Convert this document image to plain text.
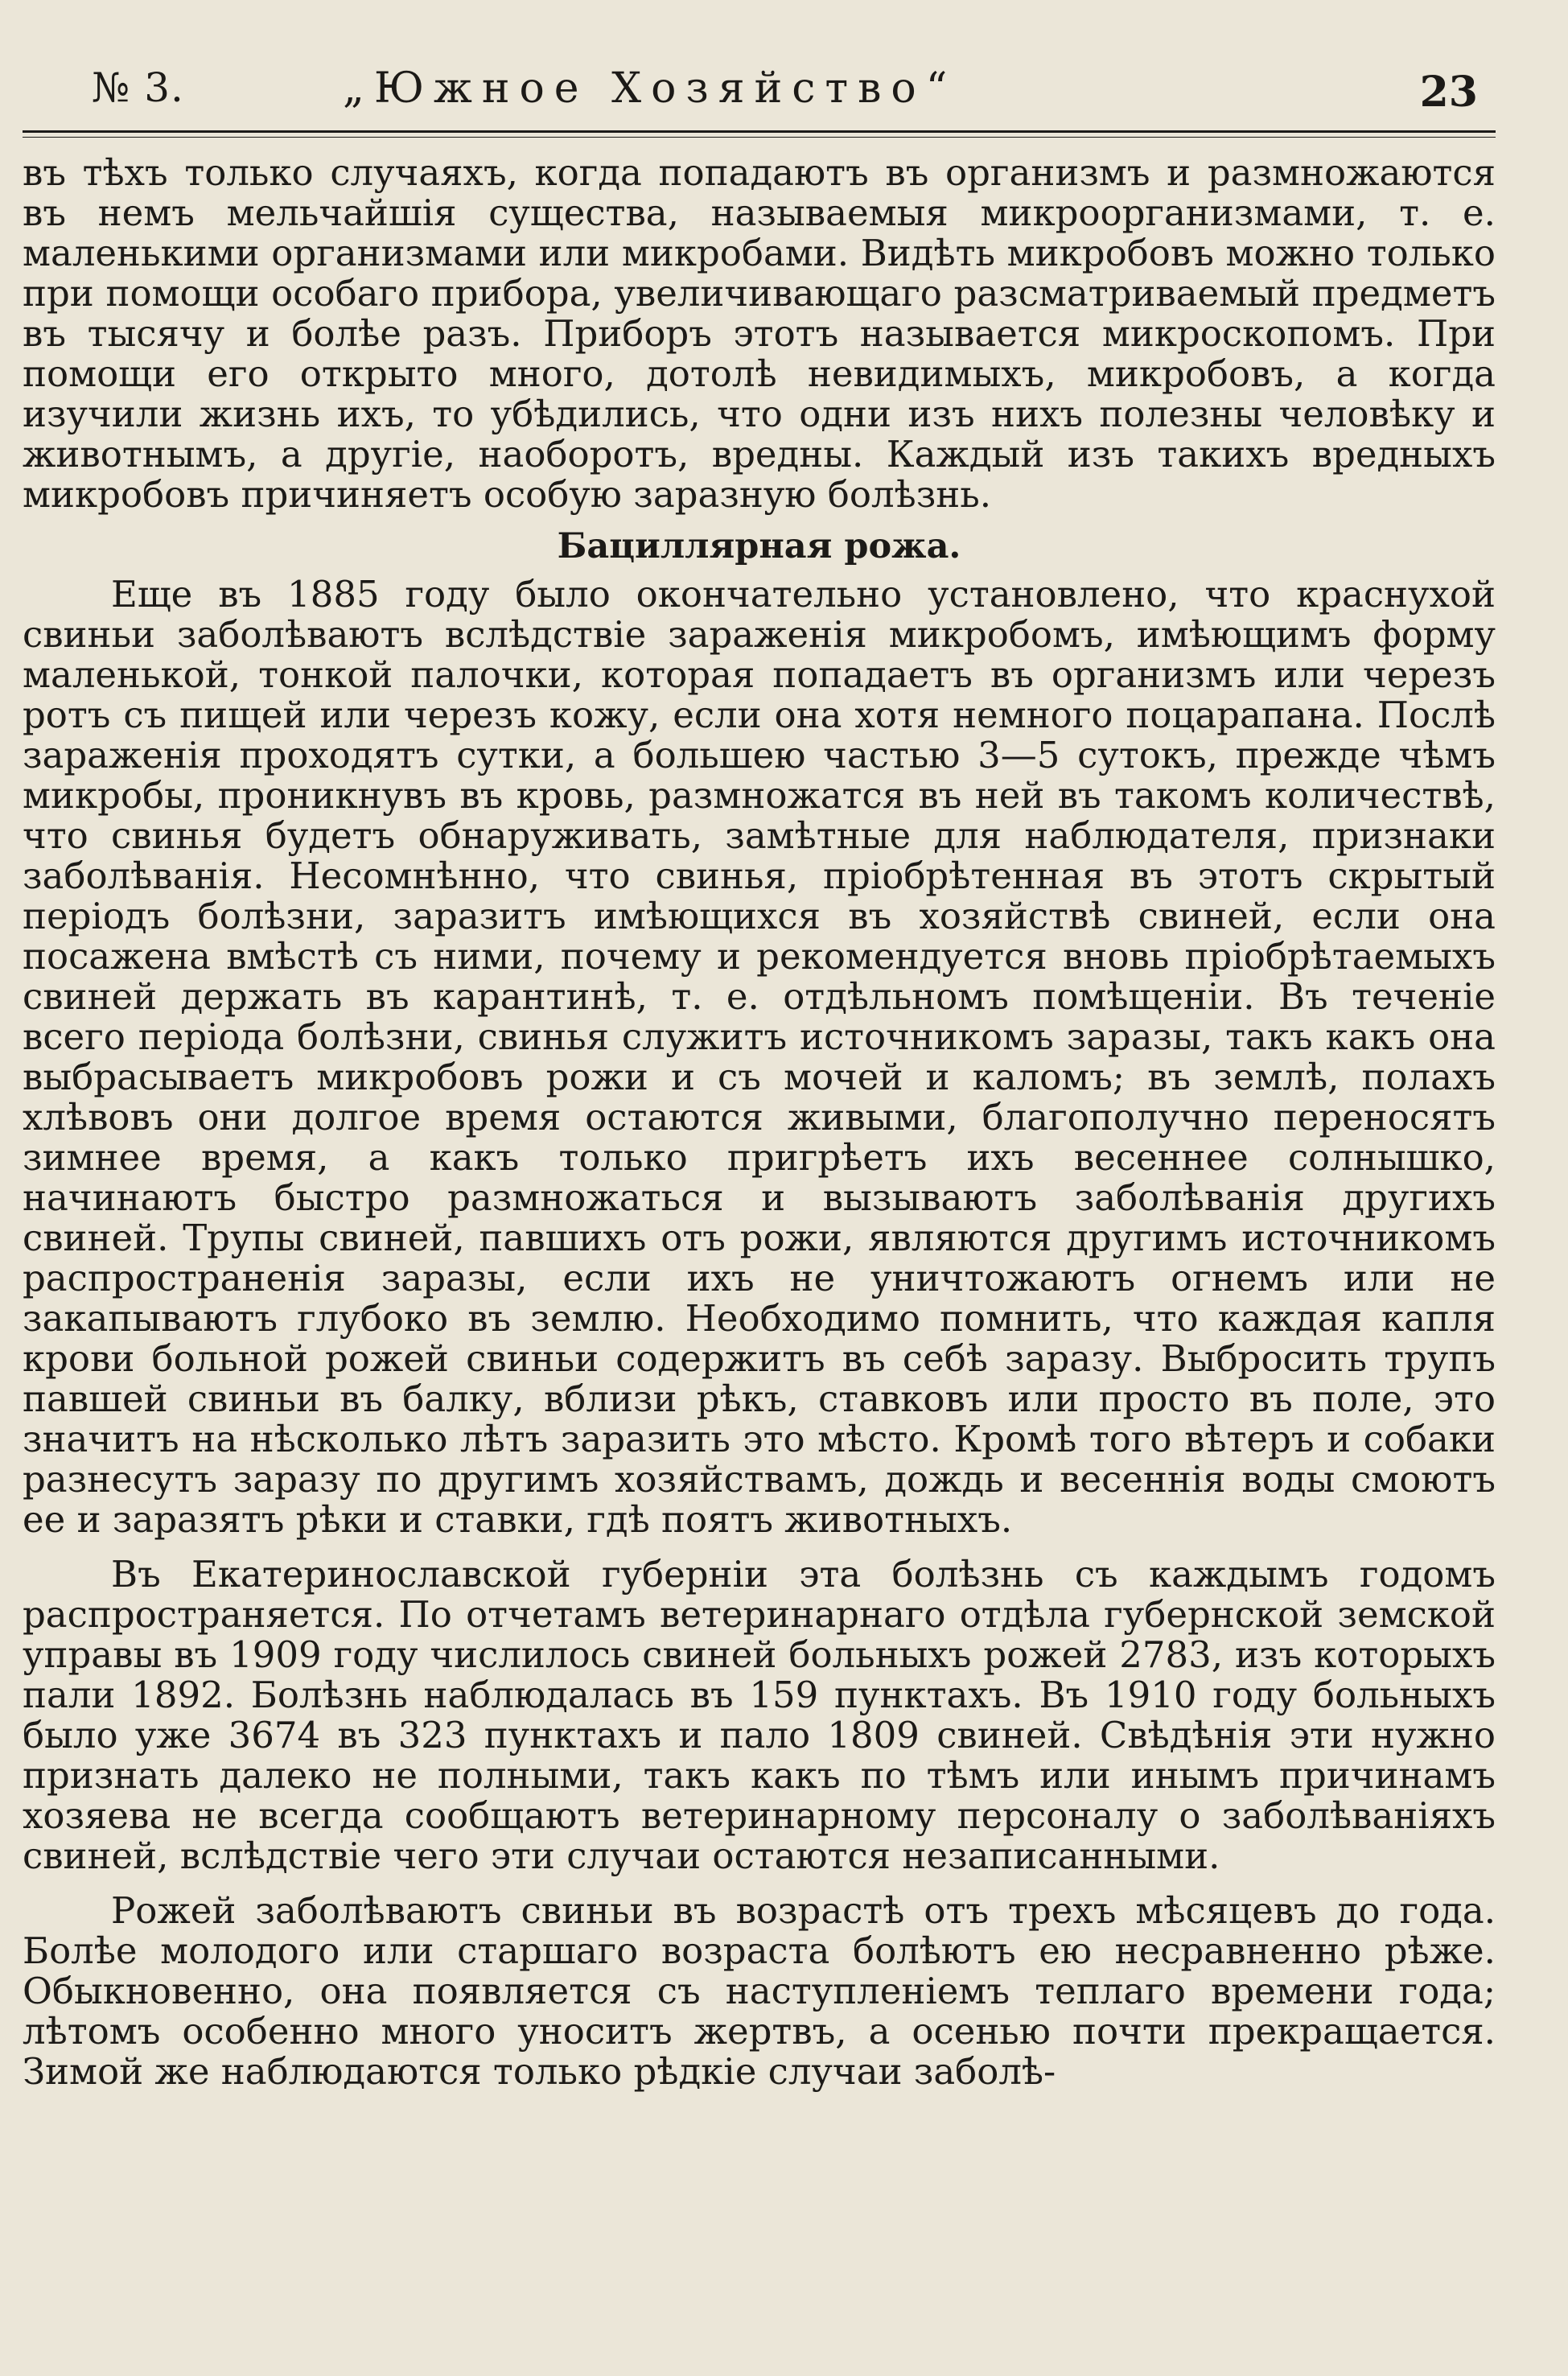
№ 3.	„Южное Хозяйство“	23

въ тѣхъ только случаяхъ, когда попадаютъ въ организмъ и размножаются въ немъ мельчайшія существа, называемыя микроорганизмами, т. е. маленькими организмами или микробами. Видѣть микробовъ можно только при помощи особаго прибора, увеличивающаго разсматриваемый предметъ въ тысячу и болѣе разъ. Приборъ этотъ называется микроскопомъ. При помощи его открыто много, дотолѣ невидимыхъ, микробовъ, а когда изучили жизнь ихъ, то убѣдились, что одни изъ нихъ полезны человѣку и животнымъ, а другіе, наоборотъ, вредны. Каждый изъ такихъ вредныхъ микробовъ причиняетъ особую заразную болѣзнь.

Бациллярная рожа.

Еще въ 1885 году было окончательно установлено, что краснухой свиньи заболѣваютъ вслѣдствіе зараженія микробомъ, имѣющимъ форму маленькой, тонкой палочки, которая попадаетъ въ организмъ или черезъ ротъ съ пищей или черезъ кожу, если она хотя немного поцарапана. Послѣ зараженія проходятъ сутки, а большею частью 3—5 сутокъ, прежде чѣмъ микробы, проникнувъ въ кровь, размножатся въ ней въ такомъ количествѣ, что свинья будетъ обнаруживать, замѣтные для наблюдателя, признаки заболѣванія. Несомнѣнно, что свинья, пріобрѣтенная въ этотъ скрытый періодъ болѣзни, заразитъ имѣющихся въ хозяйствѣ свиней, если она посажена вмѣстѣ съ ними, почему и рекомендуется вновь пріобрѣтаемыхъ свиней держать въ карантинѣ, т. е. отдѣльномъ помѣщеніи. Въ теченіе всего періода болѣзни, свинья служитъ источникомъ заразы, такъ какъ она выбрасываетъ микробовъ рожи и съ мочей и каломъ; въ землѣ, полахъ хлѣвовъ они долгое время остаются живыми, благополучно переносятъ зимнее время, а какъ только пригрѣетъ ихъ весеннее солнышко, начинаютъ быстро размножаться и вызываютъ заболѣванія другихъ свиней. Трупы свиней, павшихъ отъ рожи, являются другимъ источникомъ распространенія заразы, если ихъ не уничтожаютъ огнемъ или не закапываютъ глубоко въ землю. Необходимо помнить, что каждая капля крови больной рожей свиньи содержитъ въ себѣ заразу. Выбросить трупъ павшей свиньи въ балку, вблизи рѣкъ, ставковъ или просто въ поле, это значитъ на нѣсколько лѣтъ заразить это мѣсто. Кромѣ того вѣтеръ и собаки разнесутъ заразу по другимъ хозяйствамъ, дождь и весеннія воды смоютъ ее и заразятъ рѣки и ставки, гдѣ поятъ животныхъ.

Въ Екатеринославской губерніи эта болѣзнь съ каждымъ годомъ распространяется. По отчетамъ ветеринарнаго отдѣла губернской земской управы въ 1909 году числилось свиней больныхъ рожей 2783, изъ которыхъ пали 1892. Болѣзнь наблюдалась въ 159 пунктахъ. Въ 1910 году больныхъ было уже 3674 въ 323 пунктахъ и пало 1809 свиней. Свѣдѣнія эти нужно признать далеко не полными, такъ какъ по тѣмъ или инымъ причинамъ хозяева не всегда сообщаютъ ветеринарному персоналу о заболѣваніяхъ свиней, вслѣдствіе чего эти случаи остаются незаписанными.

Рожей заболѣваютъ свиньи въ возрастѣ отъ трехъ мѣсяцевъ до года. Болѣе молодого или старшаго возраста болѣютъ ею несравненно рѣже. Обыкновенно, она появляется съ наступленіемъ теплаго времени года; лѣтомъ особенно много уноситъ жертвъ, а осенью почти прекращается. Зимой же наблюдаются только рѣдкіе случаи заболѣ-
